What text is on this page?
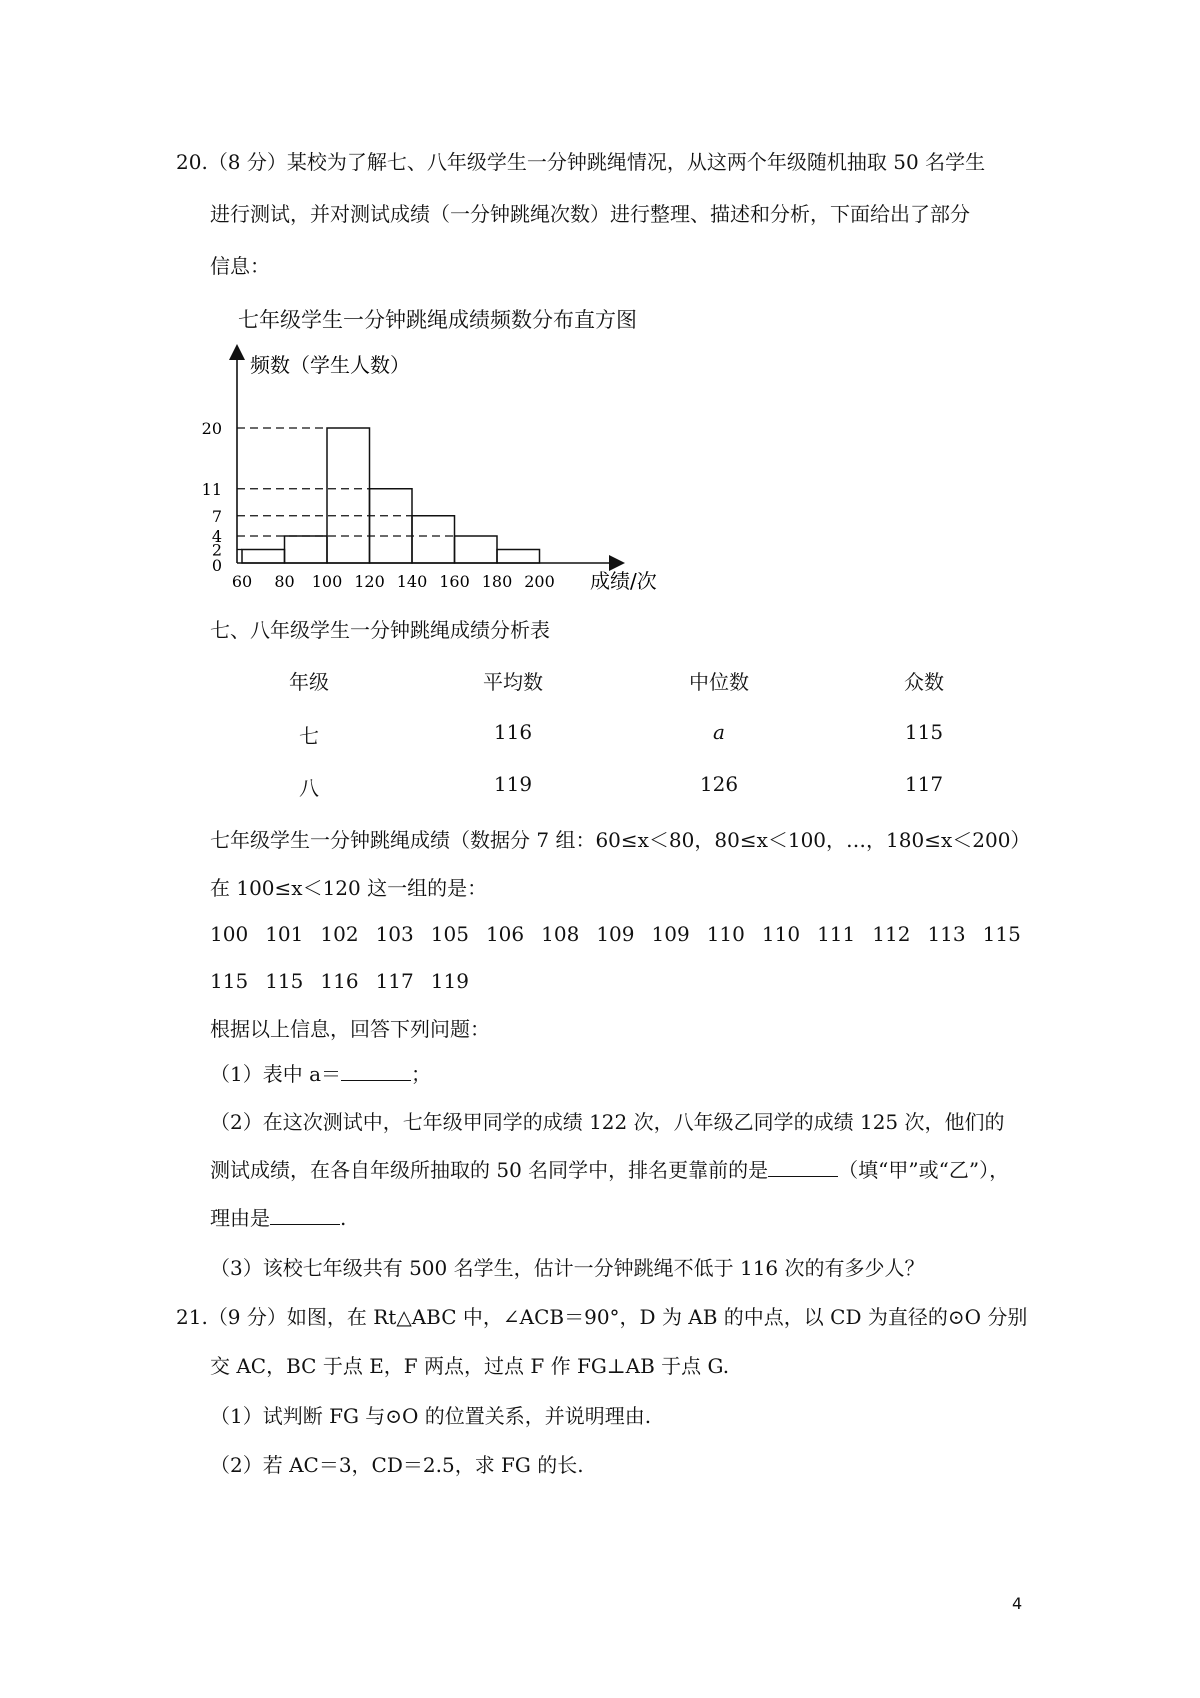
20.（8 分）某校为了解七、八年级学生一分钟跳绳情况，从这两个年级随机抽取 50 名学生
进行测试，并对测试成绩（一分钟跳绳次数）进行整理、描述和分析，下面给出了部分
信息：
七年级学生一分钟跳绳成绩频数分布直方图
0
2
4
7
11
20
60 80 100 120 140 160 180 200
频数（学生人数）
成绩/次
七、八年级学生一分钟跳绳成绩分析表
年级	平均数	中位数	众数
七	116	a	115
八	119	126	117
七年级学生一分钟跳绳成绩（数据分 7 组：60≤x＜80，80≤x＜100，…，180≤x＜200）
在 100≤x＜120 这一组的是：
100 101 102 103 105 106 108 109 109 110 110 111 112 113 115
115 115 116 117 119
根据以上信息，回答下列问题：
（1）表中 a＝	；
（2）在这次测试中，七年级甲同学的成绩 122 次，八年级乙同学的成绩 125 次，他们的
测试成绩，在各自年级所抽取的 50 名同学中，排名更靠前的是	（填“甲”或“乙”），
理由是	.
（3）该校七年级共有 500 名学生，估计一分钟跳绳不低于 116 次的有多少人？
21.（9 分）如图，在 Rt△ABC 中，∠ACB＝90°，D 为 AB 的中点，以 CD 为直径的⊙O 分别
交 AC，BC 于点 E，F 两点，过点 F 作 FG⊥AB 于点 G.
（1）试判断 FG 与⊙O 的位置关系，并说明理由.
（2）若 AC＝3，CD＝2.5，求 FG 的长.
4
